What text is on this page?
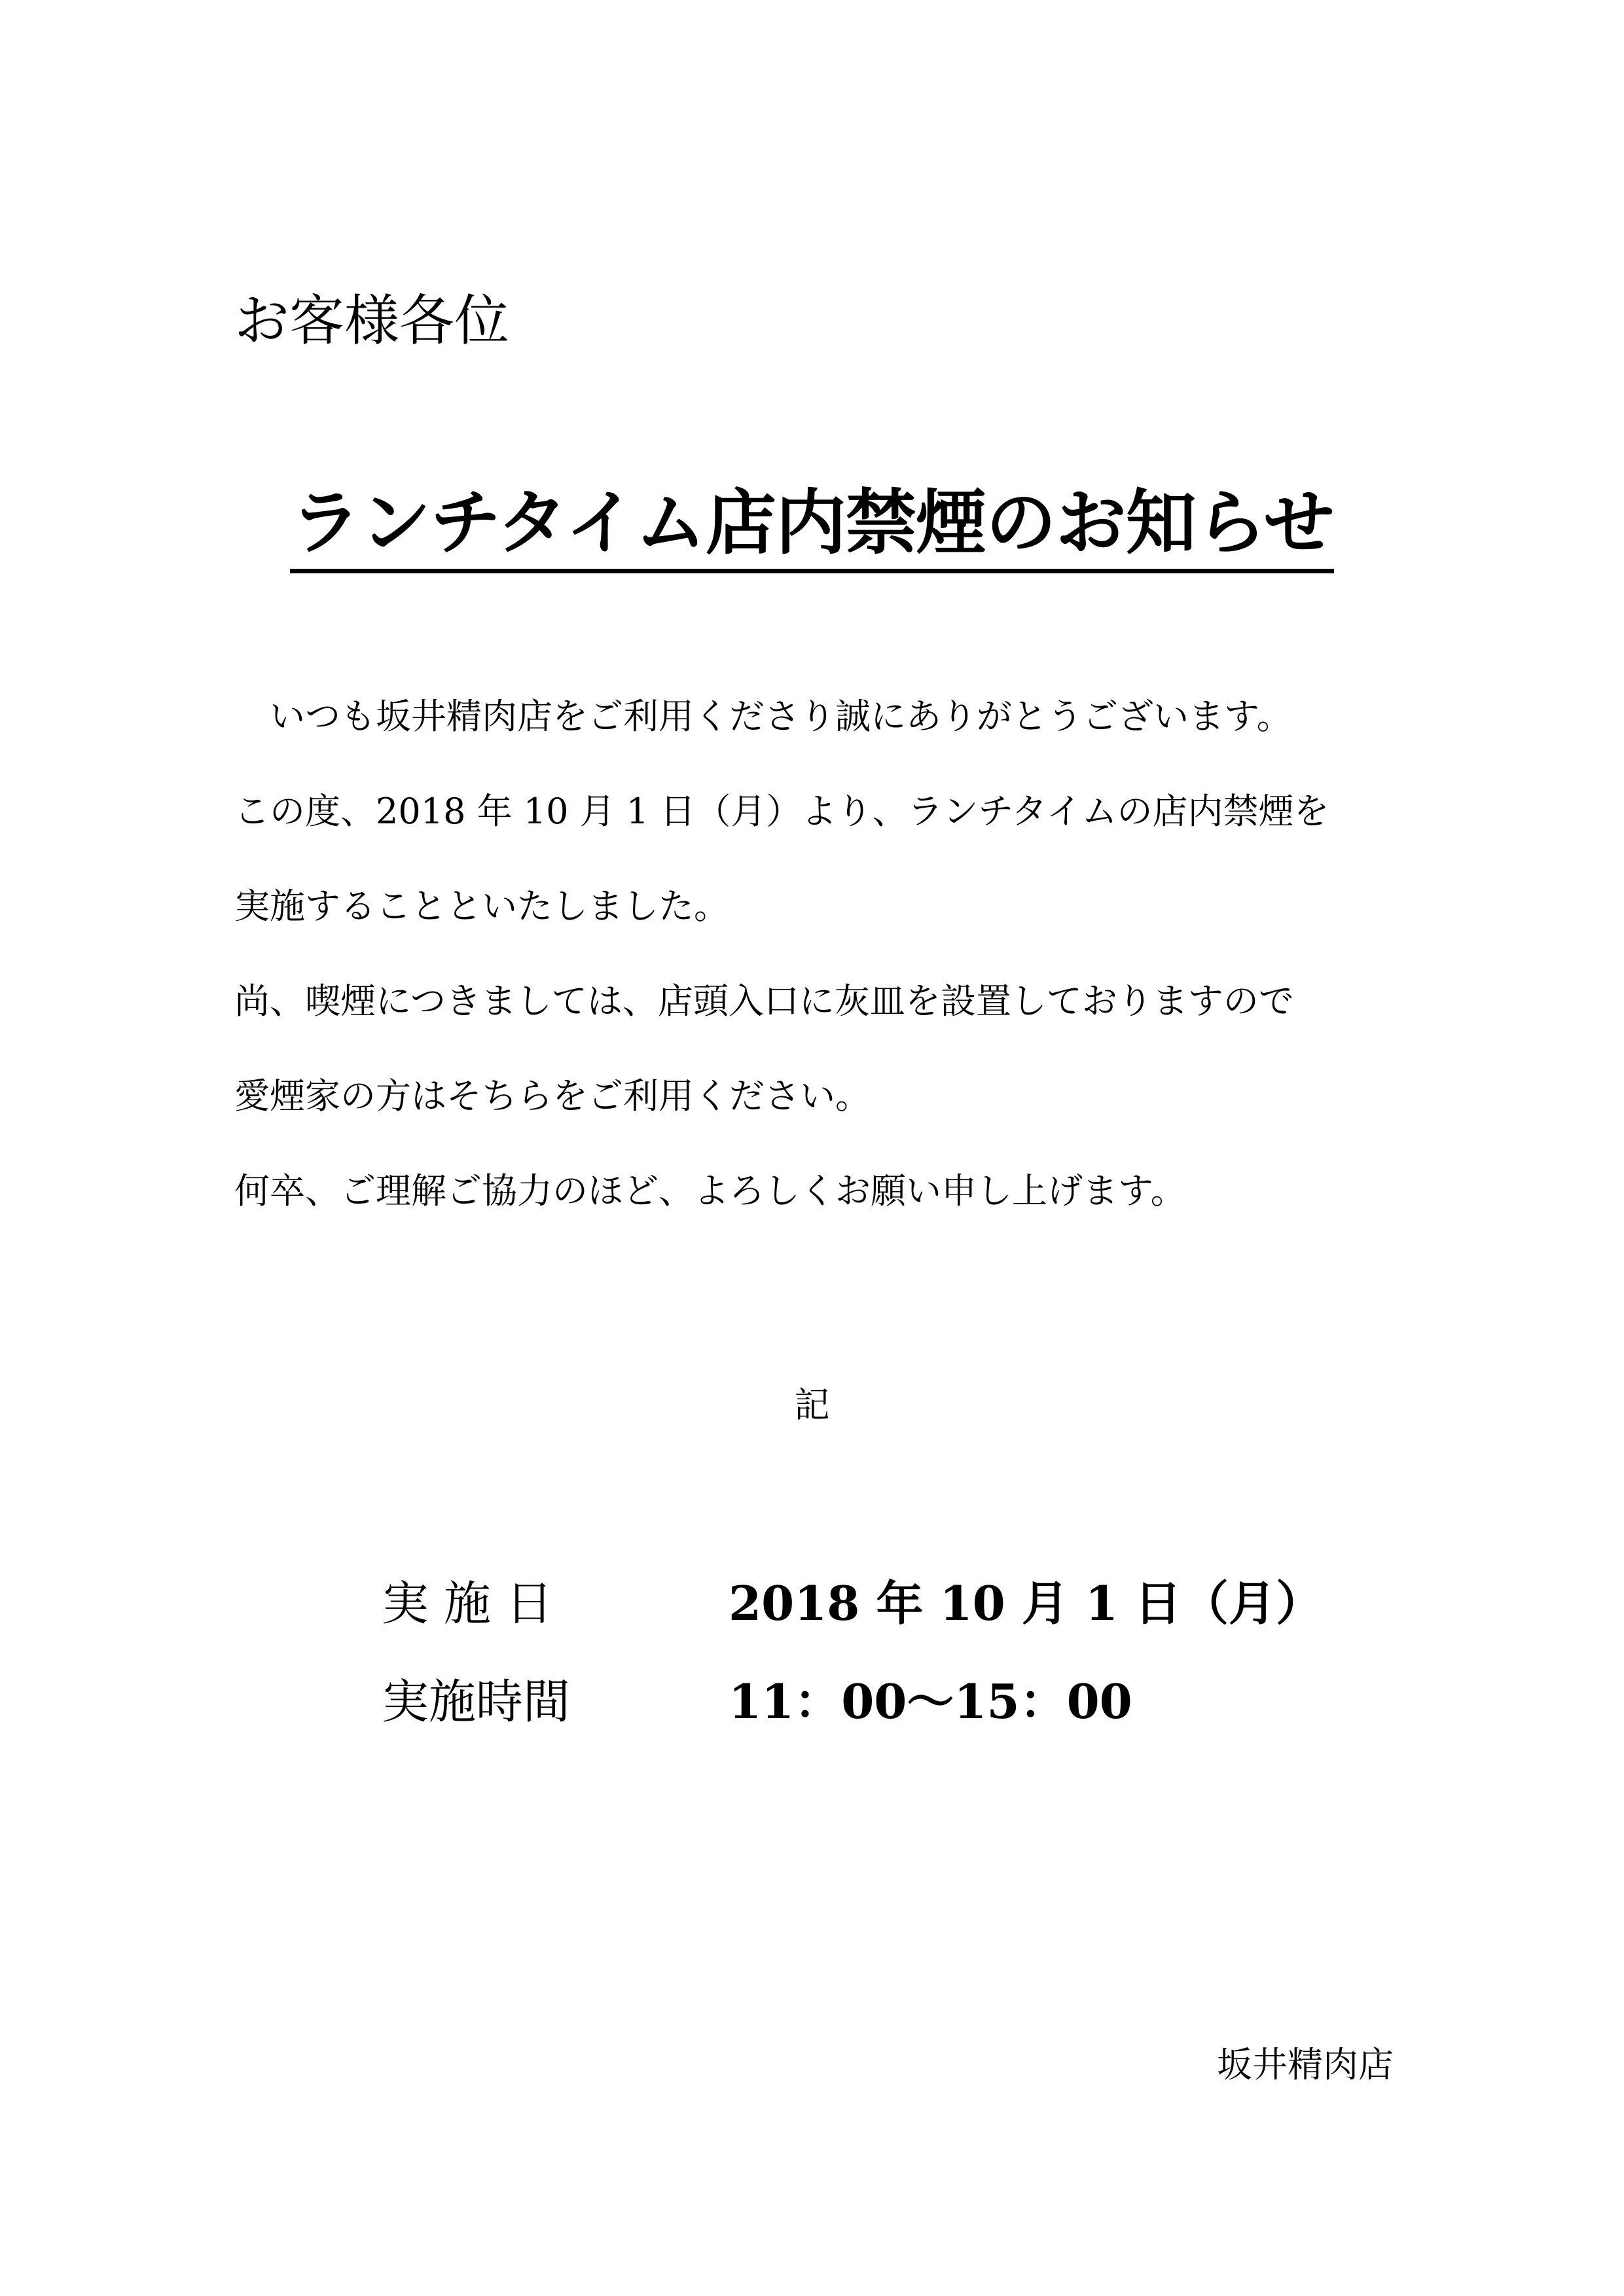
お客様各位
ランチタイム店内禁煙のお知らせ
　いつも坂井精肉店をご利用くださり誠にありがとうございます。
この度、2018 年 10 月 1 日（月）より、ランチタイムの店内禁煙を
実施することといたしました。
尚、喫煙につきましては、店頭入口に灰皿を設置しておりますので
愛煙家の方はそちらをご利用ください。
何卒、ご理解ご協力のほど、よろしくお願い申し上げます。
記
実 施 日	2018 年 10 月 1 日（月）
実施時間	11：00〜15：00
坂井精肉店
